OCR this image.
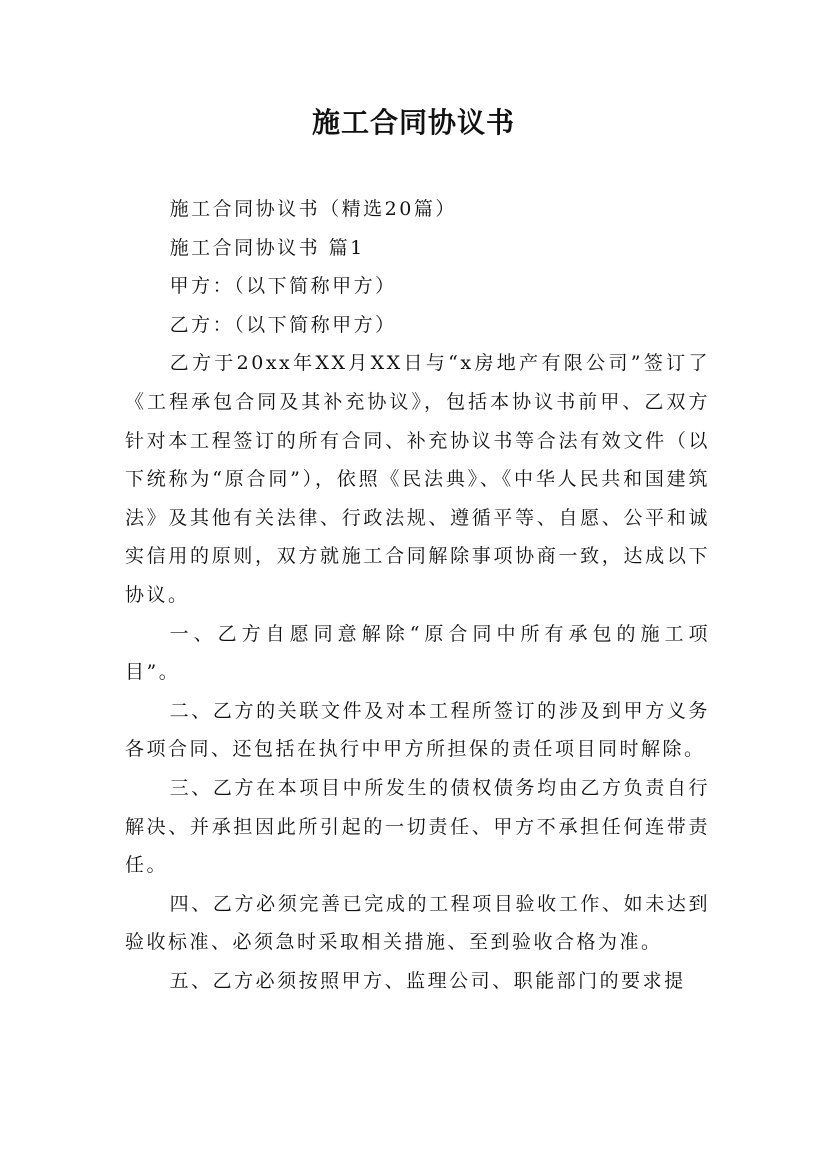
施工合同协议书

施工合同协议书（精选20篇）

施工合同协议书 篇1

甲方：（以下简称甲方）

乙方：（以下简称甲方）

乙方于20xx年XX月XX日与“x房地产有限公司”签订了《工程承包合同及其补充协议》，包括本协议书前甲、乙双方针对本工程签订的所有合同、补充协议书等合法有效文件（以下统称为“原合同”），依照《民法典》、《中华人民共和国建筑法》及其他有关法律、行政法规、遵循平等、自愿、公平和诚实信用的原则，双方就施工合同解除事项协商一致，达成以下协议。

一、乙方自愿同意解除“原合同中所有承包的施工项目”。

二、乙方的关联文件及对本工程所签订的涉及到甲方义务各项合同、还包括在执行中甲方所担保的责任项目同时解除。

三、乙方在本项目中所发生的债权债务均由乙方负责自行解决、并承担因此所引起的一切责任、甲方不承担任何连带责任。

四、乙方必须完善已完成的工程项目验收工作、如未达到验收标准、必须急时采取相关措施、至到验收合格为准。

五、乙方必须按照甲方、监理公司、职能部门的要求提
